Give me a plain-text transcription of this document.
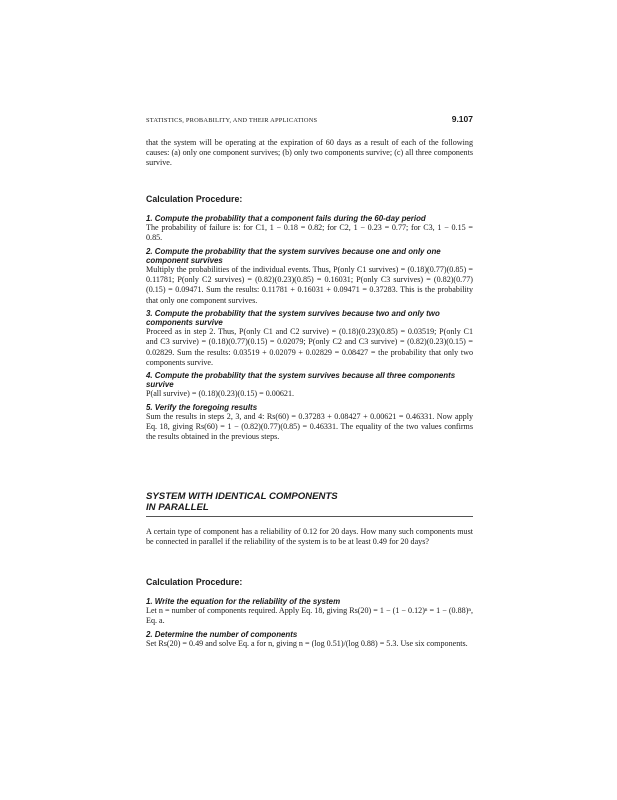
STATISTICS, PROBABILITY, AND THEIR APPLICATIONS	9.107

that the system will be operating at the expiration of 60 days as a result of each of the following causes: (a) only one component survives; (b) only two components survive; (c) all three components survive.

Calculation Procedure:

1. Compute the probability that a component fails during the 60-day period

The probability of failure is: for C1, 1 − 0.18 = 0.82; for C2, 1 − 0.23 = 0.77; for C3, 1 − 0.15 = 0.85.

2. Compute the probability that the system survives because one and only one component survives

Multiply the probabilities of the individual events. Thus, P(only C1 survives) = (0.18)(0.77)(0.85) = 0.11781; P(only C2 survives) = (0.82)(0.23)(0.85) = 0.16031; P(only C3 survives) = (0.82)(0.77)(0.15) = 0.09471. Sum the results: 0.11781 + 0.16031 + 0.09471 = 0.37283. This is the probability that only one component survives.

3. Compute the probability that the system survives because two and only two components survive

Proceed as in step 2. Thus, P(only C1 and C2 survive) = (0.18)(0.23)(0.85) = 0.03519; P(only C1 and C3 survive) = (0.18)(0.77)(0.15) = 0.02079; P(only C2 and C3 survive) = (0.82)(0.23)(0.15) = 0.02829. Sum the results: 0.03519 + 0.02079 + 0.02829 = 0.08427 = the probability that only two components survive.

4. Compute the probability that the system survives because all three components survive

P(all survive) = (0.18)(0.23)(0.15) = 0.00621.

5. Verify the foregoing results

Sum the results in steps 2, 3, and 4: Rs(60) = 0.37283 + 0.08427 + 0.00621 = 0.46331. Now apply Eq. 18, giving Rs(60) = 1 − (0.82)(0.77)(0.85) = 0.46331. The equality of the two values confirms the results obtained in the previous steps.

SYSTEM WITH IDENTICAL COMPONENTS

IN PARALLEL

A certain type of component has a reliability of 0.12 for 20 days. How many such components must be connected in parallel if the reliability of the system is to be at least 0.49 for 20 days?

Calculation Procedure:

1. Write the equation for the reliability of the system

Let n = number of components required. Apply Eq. 18, giving Rs(20) = 1 − (1 − 0.12)ⁿ = 1 − (0.88)ⁿ, Eq. a.

2. Determine the number of components

Set Rs(20) = 0.49 and solve Eq. a for n, giving n = (log 0.51)/(log 0.88) = 5.3. Use six components.
